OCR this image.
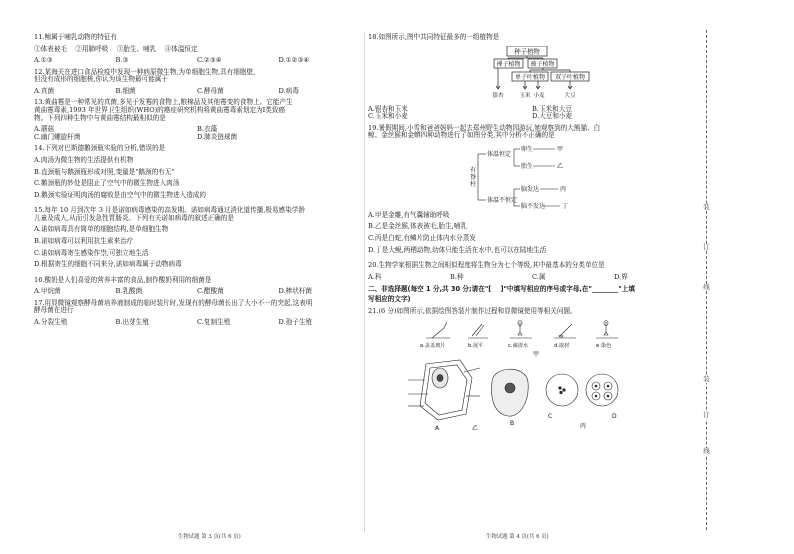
11.鲸属于哺乳动物的特征有
①体表被毛    ②用肺呼吸    ③胎生、哺乳    ④体温恒定
A.①③	B.③	C.②③④	D.①②③④
12.某海关在进口食品检疫中发现一种病原微生物,为单细胞生物,具有细胞壁,
但没有成形的细胞核,你认为该生物最可能属于
A.真菌	B.细菌	C.酵母菌	D.病毒
13.黄曲霉是一种常见的真菌,多见于发霉的食物上,粮棉品及其他霉变的食物上。它能产生
黄曲霉毒素,1993 年世界卫生组织(WHO)的癌症研究机构将黄曲霉毒素划定为Ⅰ类致癌
物。下列四种生物中与黄曲霉结构最相似的是
A.蘑菇	B.衣藻
C.幽门螺旋杆菌	D.肺炎链球菌
14.下列对巴斯德鹅颈瓶实验的分析,错误的是
A.肉汤为微生物的生活提供有机物
B.直颈瓶与鹅颈瓶形成对照,变量是"鹅颈的有无"
C.鹅颈瓶的妙处是阻止了空气中的微生物进入肉汤
D.鹅颈实验证明肉汤的腐败是由空气中的微生物进入造成的
15.每年 10 月到次年 3 月是诺如病毒感染的高发期。诺如病毒通过消化道传播,极易感染学龄
儿童及成人,从而引发急性胃肠炎。下列有关诺如病毒的叙述正确的是
A.诺如病毒具有简单的细胞结构,是单细胞生物
B.诺如病毒可以利用抗生素来治疗
C.诺如病毒寄生感染作祟,可独立地生活
D.根据寄生的细胞不同来分,诺如病毒属于动物病毒
16.酸奶是人们喜爱的营养丰富的食品,制作酸奶利用的细菌是
A.甲烷菌	B.乳酸菌	C.醋酸菌	D.棒状杆菌
17.用显微镜观察酵母菌培养液制成的临时装片时,发现有的酵母菌长出了大小不一的突起,这表明
酵母菌在进行
A.分裂生殖	B.出芽生殖	C.复制生殖	D.孢子生殖
18.如图所示,图中共同特征最多的一组植物是
种子植物
裸子植物 被子植物
单子叶植物 双子叶植物
银杏	玉米 小麦	大豆
A.银杏和玉米	B.玉米和大豆
C.玉米和小麦	D.大豆和小麦
19.暑假期间,小雪和爸爸妈妈一起去郑州野生动物园游玩,她观察到的大熊猫、白
鲸、金丝猴和金蟒四种动物进行了如图分类,其中分析不正确的是
有
脊
柱
体温恒定
体温不恒定
卵生	甲
胎生	乙
脑发达	丙
脑不发达	丁
A.甲是金雕,有气囊辅助呼吸
B.乙是金丝猴,体表被毛,胎生,哺乳
C.丙是白蛇,有鳞片防止体内水分蒸发
D.丁是大鲵,两栖动物,幼体只能生活在水中,也可以在陆地生活
20.生物学家根据生物之间相似程度将生物分为七个等级,其中最基本的分类单位是
A.科	B.种	C.属	D.界
二、非选择题(每空 1 分,共 30 分;请在"[    ]"中填写相应的序号或字母,在"________"上填
写相应的文字)
21.(6 分)如图所示,依据绘图答装片制作过程和显微镜使用等相关问题。
a.盖盖玻片	b.展平	c.滴清水	d.取材	e.染色
甲
A	乙
B
C	D
丙
生物试题 第 3 页(共 6 页)	生物试题 第 4 页(共 6 页)
装
订
线
装
订
线
